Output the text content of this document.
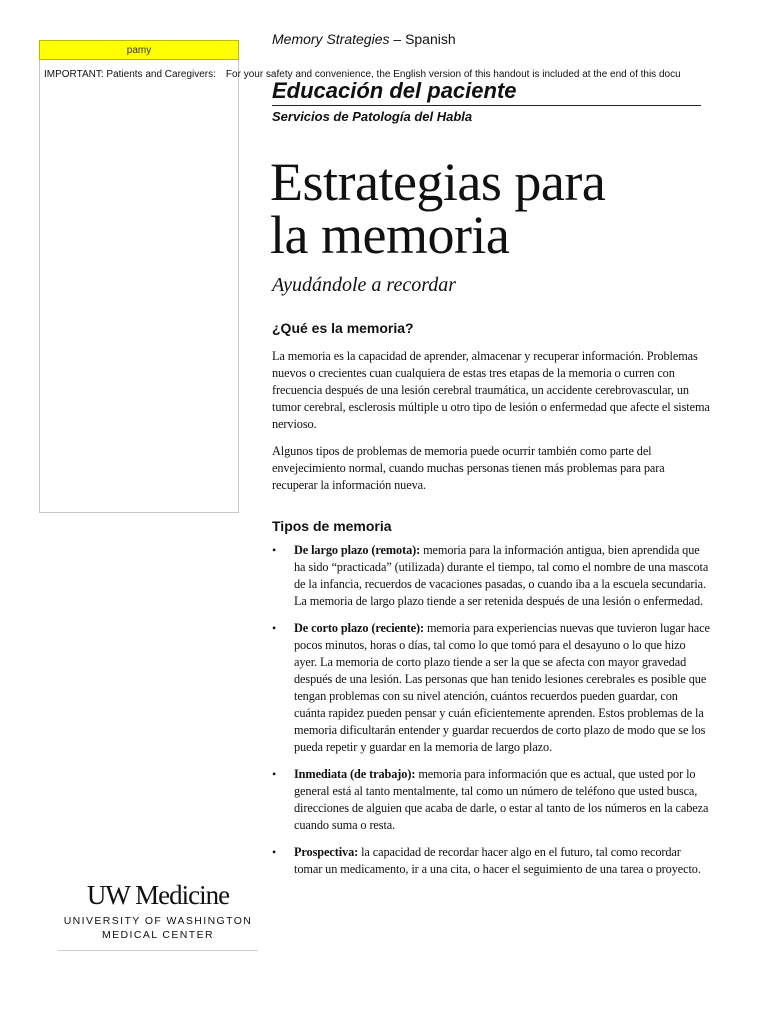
pamy
IMPORTANT: Patients and Caregivers: For your safety and convenience, the English version of this handout is included at the end of this docu
Memory Strategies – Spanish
Educación del paciente
Servicios de Patología del Habla
Estrategias para
la memoria
Ayudándole a recordar
¿Qué es la memoria?

La memoria es la capacidad de aprender, almacenar y recuperar información. Problemas nuevos o crecientes cuan cualquiera de estas tres etapas de la memoria o curren con frecuencia después de una lesión cerebral traumática, un accidente cerebrovascular, un tumor cerebral, esclerosis múltiple u otro tipo de lesión o enfermedad que afecte el sistema nervioso.

Algunos tipos de problemas de memoria puede ocurrir también como parte del envejecimiento normal, cuando muchas personas tienen más problemas para para recuperar la información nueva.

Tipos de memoria
• De largo plazo (remota): memoria para la información antigua, bien aprendida que ha sido “practicada” (utilizada) durante el tiempo, tal como el nombre de una mascota de la infancia, recuerdos de vacaciones pasadas, o cuando iba a la escuela secundaria. La memoria de largo plazo tiende a ser retenida después de una lesión o enfermedad.
• De corto plazo (reciente): memoria para experiencias nuevas que tuvieron lugar hace pocos minutos, horas o días, tal como lo que tomó para el desayuno o lo que hizo ayer. La memoria de corto plazo tiende a ser la que se afecta con mayor gravedad después de una lesión. Las personas que han tenido lesiones cerebrales es posible que tengan problemas con su nivel atención, cuántos recuerdos pueden guardar, con cuánta rapidez pueden pensar y cuán eficientemente aprenden. Estos problemas de la memoria dificultarán entender y guardar recuerdos de corto plazo de modo que se los pueda repetir y guardar en la memoria de largo plazo.
• Inmediata (de trabajo): memoria para información que es actual, que usted por lo general está al tanto mentalmente, tal como un número de teléfono que usted busca, direcciones de alguien que acaba de darle, o estar al tanto de los números en la cabeza cuando suma o resta.
• Prospectiva: la capacidad de recordar hacer algo en el futuro, tal como recordar tomar un medicamento, ir a una cita, o hacer el seguimiento de una tarea o proyecto.
UW Medicine
UNIVERSITY OF WASHINGTON
MEDICAL CENTER
